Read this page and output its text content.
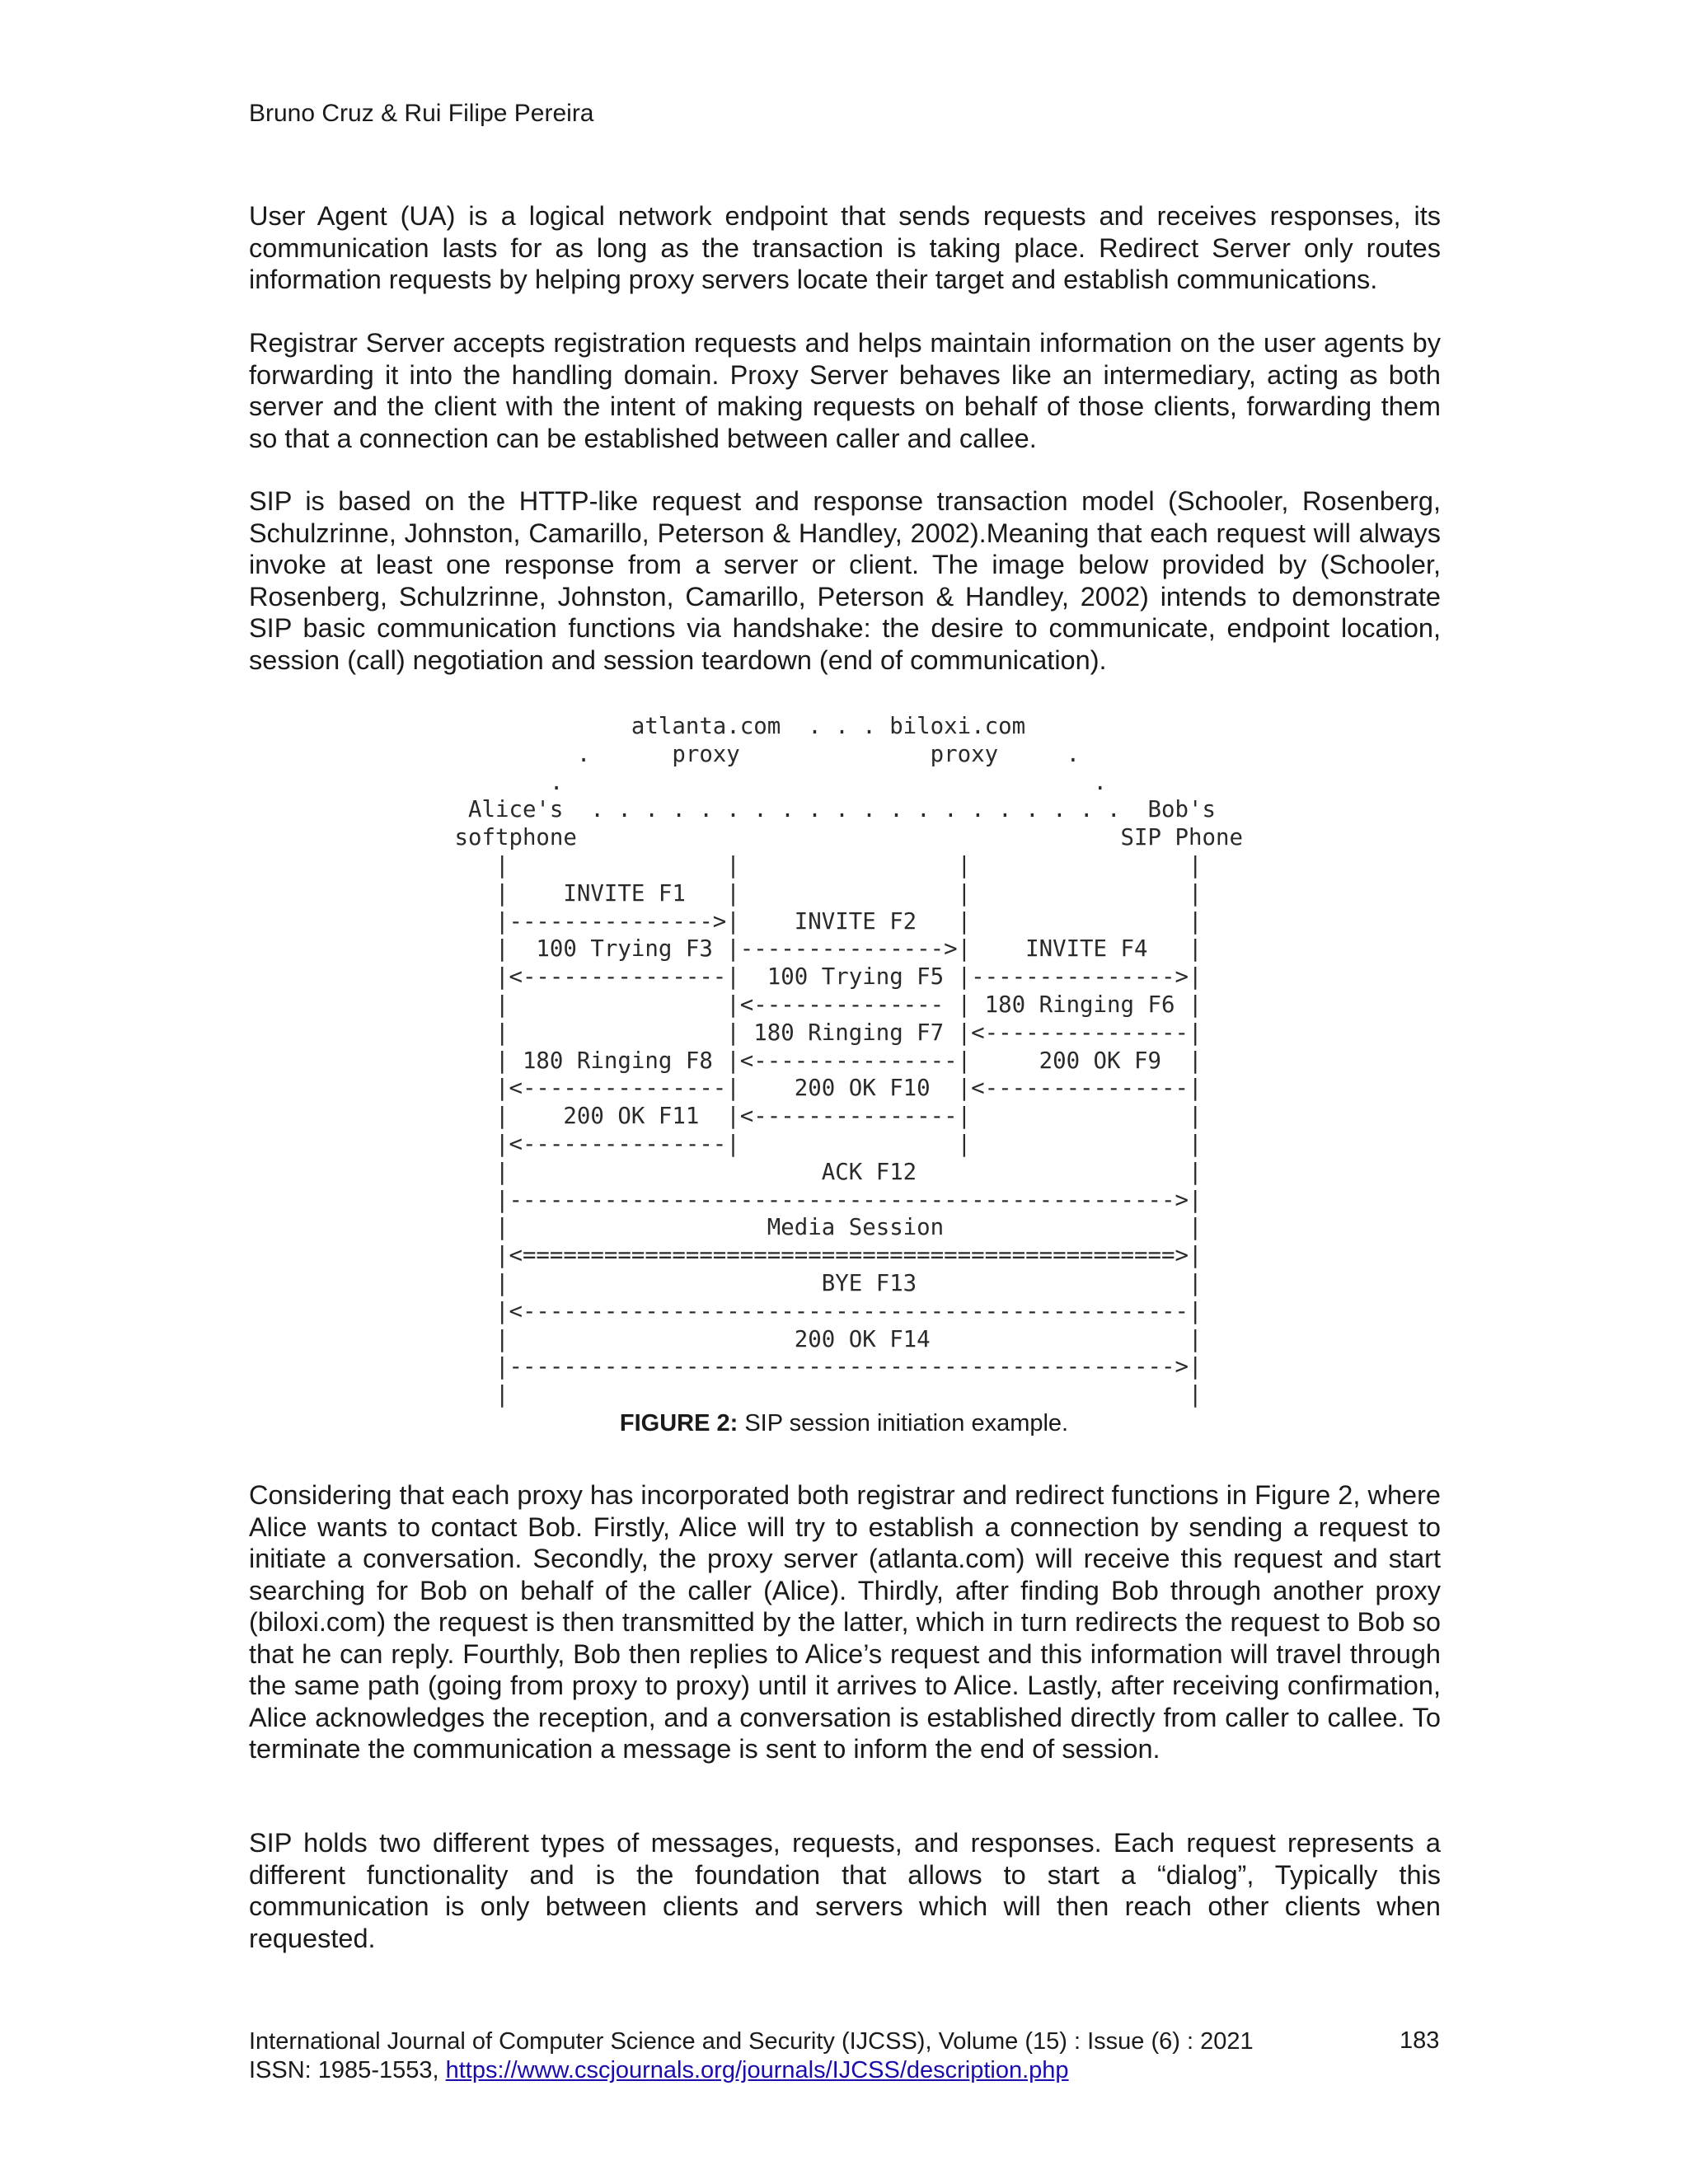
Bruno Cruz & Rui Filipe Pereira

User Agent (UA) is a logical network endpoint that sends requests and receives responses, its communication lasts for as long as the transaction is taking place. Redirect Server only routes information requests by helping proxy servers locate their target and establish communications.

Registrar Server accepts registration requests and helps maintain information on the user agents by forwarding it into the handling domain. Proxy Server behaves like an intermediary, acting as both server and the client with the intent of making requests on behalf of those clients, forwarding them so that a connection can be established between caller and callee.

SIP is based on the HTTP-like request and response transaction model (Schooler, Rosenberg, Schulzrinne, Johnston, Camarillo, Peterson & Handley, 2002).Meaning that each request will always invoke at least one response from a server or client. The image below provided by (Schooler, Rosenberg, Schulzrinne, Johnston, Camarillo, Peterson & Handley, 2002) intends to demonstrate SIP basic communication functions via handshake: the desire to communicate, endpoint location, session (call) negotiation and session teardown (end of communication).

atlanta.com  . . . biloxi.com
.      proxy              proxy     .
.                                       .
Alice's  . . . . . . . . . . . . . . . . . . . .  Bob's
softphone                                        SIP Phone
|                |                |                |
|    INVITE F1   |                |                |
|--------------->|    INVITE F2   |                |
|  100 Trying F3 |--------------->|    INVITE F4   |
|<---------------|  100 Trying F5 |--------------->|
|                |<-------------- | 180 Ringing F6 |
|                | 180 Ringing F7 |<---------------|
| 180 Ringing F8 |<---------------|     200 OK F9  |
|<---------------|    200 OK F10  |<---------------|
|    200 OK F11  |<---------------|                |
|<---------------|                |                |
|                       ACK F12                    |
|------------------------------------------------->|
|                   Media Session                  |
|<================================================>|
|                       BYE F13                    |
|<-------------------------------------------------|
|                     200 OK F14                   |
|------------------------------------------------->|
|                                                  |
FIGURE 2: SIP session initiation example.

Considering that each proxy has incorporated both registrar and redirect functions in Figure 2, where Alice wants to contact Bob. Firstly, Alice will try to establish a connection by sending a request to initiate a conversation. Secondly, the proxy server (atlanta.com) will receive this request and start searching for Bob on behalf of the caller (Alice). Thirdly, after finding Bob through another proxy (biloxi.com) the request is then transmitted by the latter, which in turn redirects the request to Bob so that he can reply. Fourthly, Bob then replies to Alice’s request and this information will travel through the same path (going from proxy to proxy) until it arrives to Alice. Lastly, after receiving confirmation, Alice acknowledges the reception, and a conversation is established directly from caller to callee. To terminate the communication a message is sent to inform the end of session.

SIP holds two different types of messages, requests, and responses. Each request represents a different functionality and is the foundation that allows to start a “dialog”, Typically this communication is only between clients and servers which will then reach other clients when requested.

International Journal of Computer Science and Security (IJCSS), Volume (15) : Issue (6) : 2021
ISSN: 1985-1553, https://www.cscjournals.org/journals/IJCSS/description.php
183
